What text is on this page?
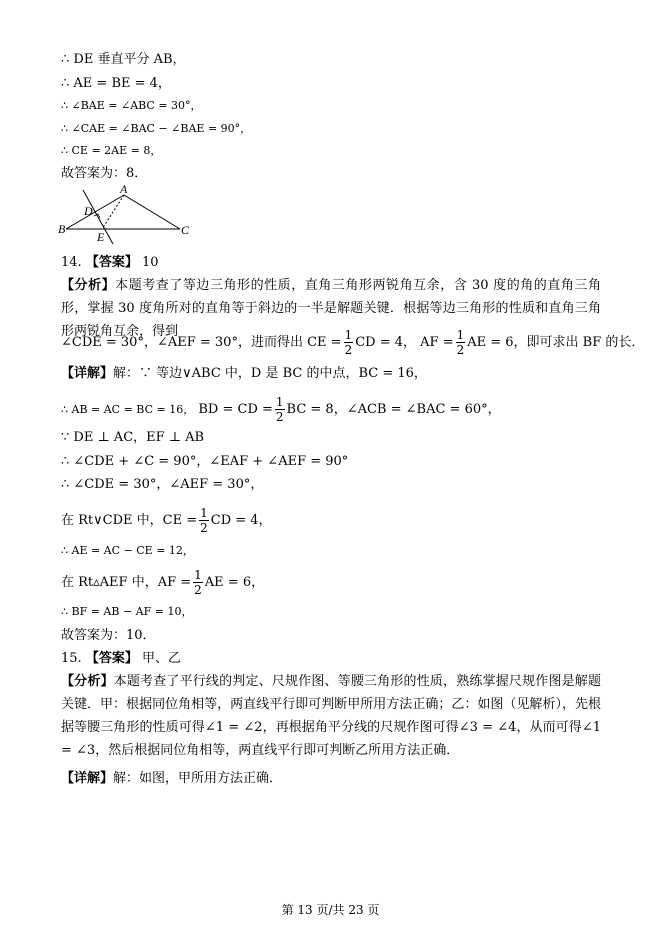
∴ DE 垂直平分 AB，
∴ AE = BE = 4，
∴ ∠BAE = ∠ABC = 30°，
∴ ∠CAE = ∠BAC − ∠BAE = 90°，
∴ CE = 2AE = 8，
故答案为：8．
A
B	C
D
E
14. 【答案】 10
【分析】本题考查了等边三角形的性质，直角三角形两锐角互余，含 30 度的角的直角三角形，掌握 30 度角所对的直角等于斜边的一半是解题关键．根据等边三角形的性质和直角三角形两锐角互余，得到
∠CDE = 30°，∠AEF = 30°，进而得出 CE = $\frac{1}{2}$ CD = 4， AF = $\frac{1}{2}$ AE = 6，即可求出 BF 的长．
【详解】解：∵ 等边∨ABC 中，D 是 BC 的中点，BC = 16，
∴ AB = AC = BC = 16， BD = CD = $\frac{1}{2}$ BC = 8，∠ACB = ∠BAC = 60°，
∵ DE ⊥ AC，EF ⊥ AB
∴ ∠CDE + ∠C = 90°，∠EAF + ∠AEF = 90°
∴ ∠CDE = 30°，∠AEF = 30°，
在 Rt∨CDE 中，CE = $\frac{1}{2}$ CD = 4，
∴ AE = AC − CE = 12，
在 Rt▵AEF 中，AF = $\frac{1}{2}$ AE = 6，
∴ BF = AB − AF = 10，
故答案为：10．
15. 【答案】 甲、乙
【分析】本题考查了平行线的判定、尺规作图、等腰三角形的性质，熟练掌握尺规作图是解题关键．甲：根据同位角相等，两直线平行即可判断甲所用方法正确；乙：如图（见解析），先根据等腰三角形的性质可得∠1 = ∠2，再根据角平分线的尺规作图可得∠3 = ∠4，从而可得∠1 = ∠3，然后根据同位角相等，两直线平行即可判断乙所用方法正确．
【详解】解：如图，甲所用方法正确．
第 13 页/共 23 页
